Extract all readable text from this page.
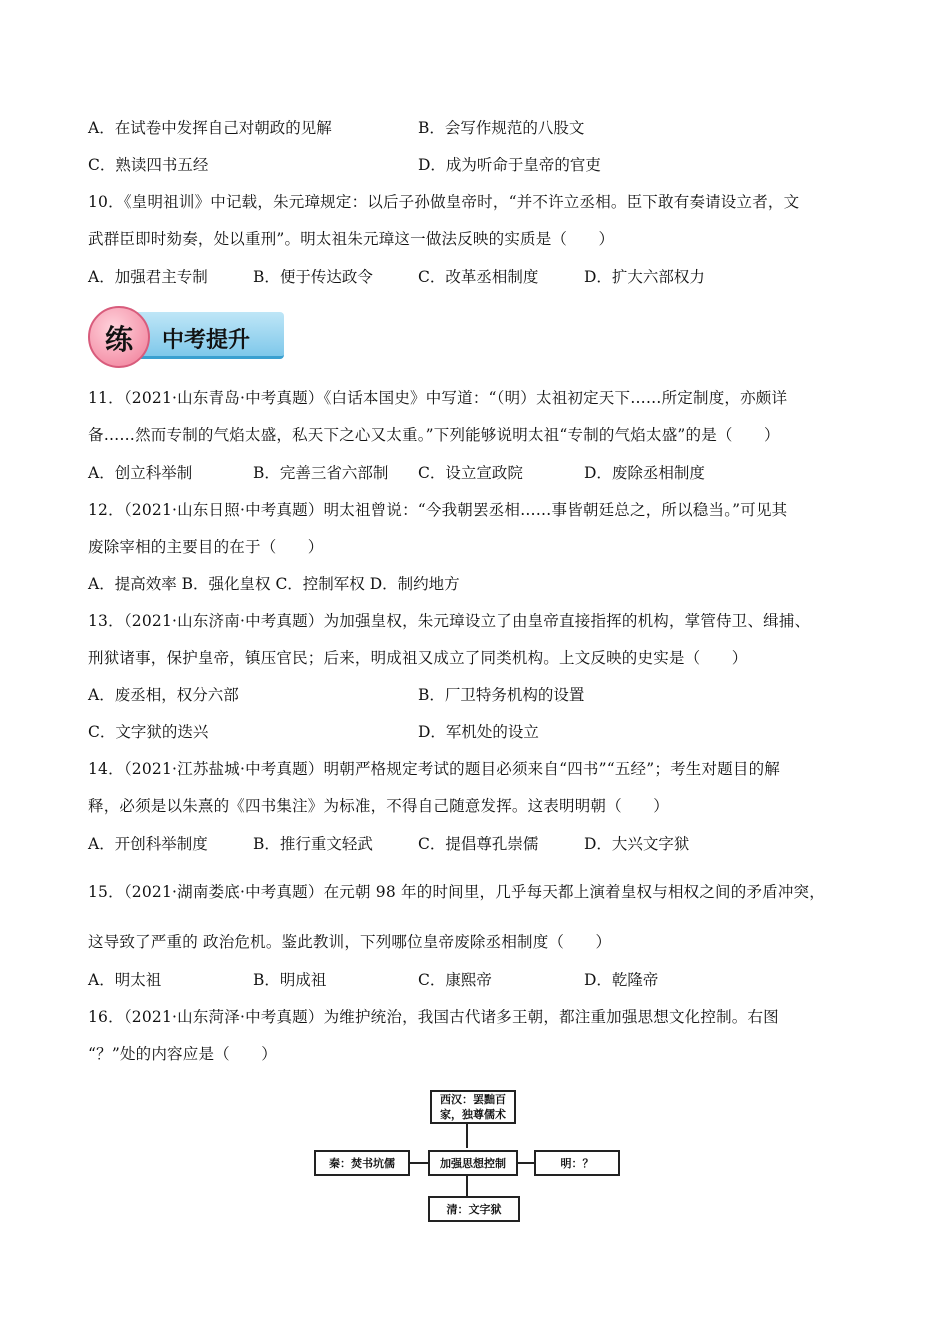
A．在试卷中发挥自己对朝政的见解	B．会写作规范的八股文
C．熟读四书五经	D．成为听命于皇帝的官吏
10．《皇明祖训》中记载，朱元璋规定：以后子孙做皇帝时，“并不许立丞相。臣下敢有奏请设立者，文
武群臣即时劾奏，处以重刑”。明太祖朱元璋这一做法反映的实质是（　　）
A．加强君主专制	B．便于传达政令	C．改革丞相制度	D．扩大六部权力
练	中考提升
11．（2021·山东青岛·中考真题）《白话本国史》中写道：“（明）太祖初定天下……所定制度，亦颇详
备……然而专制的气焰太盛，私天下之心又太重。”下列能够说明太祖“专制的气焰太盛”的是（　　）
A．创立科举制	B．完善三省六部制 C．设立宣政院	D．废除丞相制度
12．（2021·山东日照·中考真题）明太祖曾说：“今我朝罢丞相……事皆朝廷总之，所以稳当。”可见其
废除宰相的主要目的在于（　　）
A．提高效率 B．强化皇权 C．控制军权 D．制约地方
13．（2021·山东济南·中考真题）为加强皇权，朱元璋设立了由皇帝直接指挥的机构，掌管侍卫、缉捕、
刑狱诸事，保护皇帝，镇压官民；后来，明成祖又成立了同类机构。上文反映的史实是（　　）
A．废丞相，权分六部	B．厂卫特务机构的设置
C．文字狱的迭兴	D．军机处的设立
14．（2021·江苏盐城·中考真题）明朝严格规定考试的题目必须来自“四书”“五经”；考生对题目的解
释，必须是以朱熹的《四书集注》为标准，不得自己随意发挥。这表明明朝（　　）
A．开创科举制度	B．推行重文轻武	C．提倡尊孔崇儒	D．大兴文字狱
15．（2021·湖南娄底·中考真题）在元朝 98 年的时间里，几乎每天都上演着皇权与相权之间的矛盾冲突，
这导致了严重的 政治危机。鉴此教训，下列哪位皇帝废除丞相制度（　　）
A．明太祖	B．明成祖	C．康熙帝	D．乾隆帝
16．（2021·山东菏泽·中考真题）为维护统治，我国古代诸多王朝，都注重加强思想文化控制。右图
“？”处的内容应是（　　）
西汉：罢黜百家，独尊儒术
加强思想控制
秦：焚书坑儒	明：？
清：文字狱
